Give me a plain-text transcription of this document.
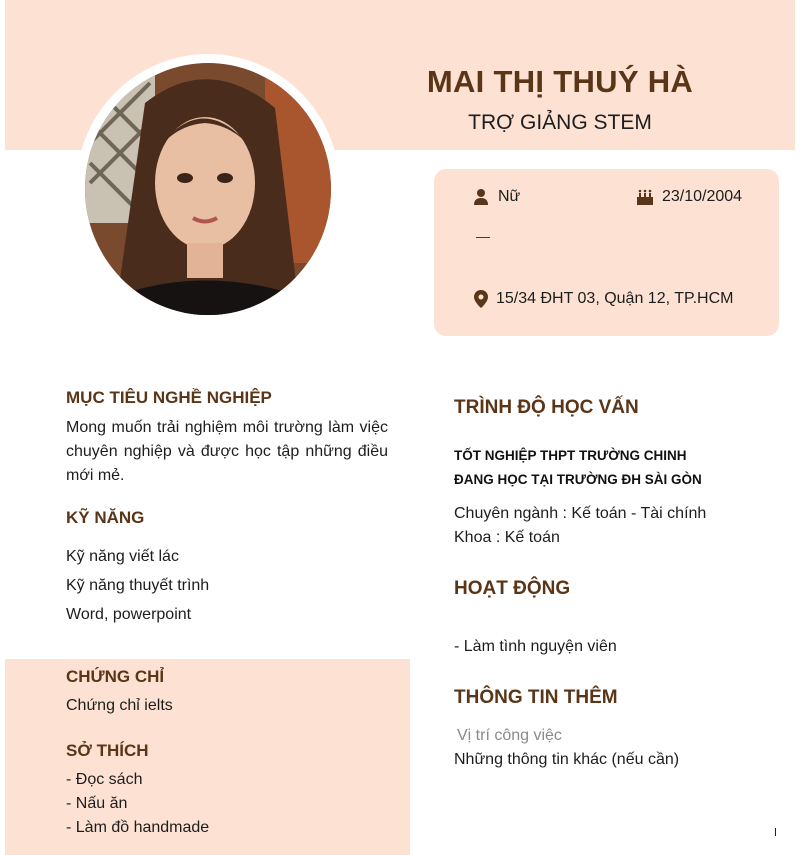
MAI THỊ THUÝ HÀ
TRỢ GIẢNG STEM
Nữ	23/10/2004
—
15/34 ĐHT 03, Quận 12, TP.HCM
MỤC TIÊU NGHỀ NGHIỆP
Mong muốn trải nghiệm môi trường làm việc chuyên nghiệp và được học tập những điều mới mẻ.
KỸ NĂNG
Kỹ năng viết lác
Kỹ năng thuyết trình
Word, powerpoint
CHỨNG CHỈ
Chứng chỉ ielts
SỞ THÍCH
- Đọc sách
- Nấu ăn
- Làm đồ handmade
TRÌNH ĐỘ HỌC VẤN
TỐT NGHIỆP THPT TRƯỜNG CHINH
ĐANG HỌC TẠI TRƯỜNG ĐH SÀI GÒN
Chuyên ngành : Kế toán - Tài chính
Khoa : Kế toán
HOẠT ĐỘNG
- Làm tình nguyện viên
THÔNG TIN THÊM
Vị trí công việc
Những thông tin khác (nếu cần)
